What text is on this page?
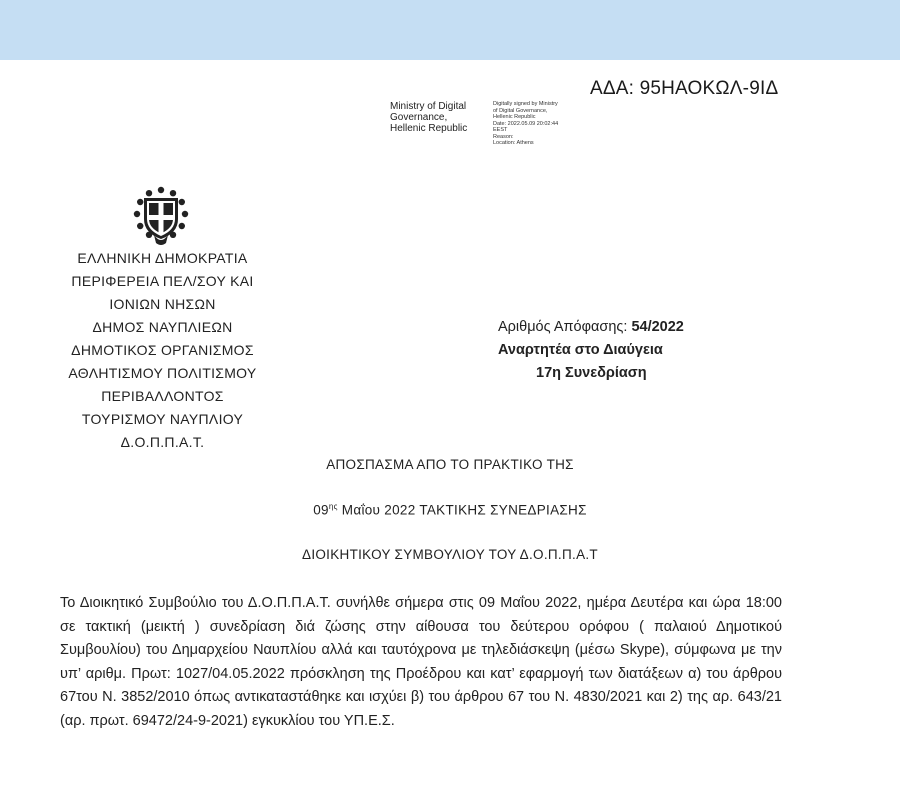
ΑΔΑ: 95ΗΑΟΚΩΛ-9ΙΔ
Ministry of Digital
Governance,
Hellenic Republic
Digitally signed by Ministry
of Digital Governance,
Hellenic Republic
Date: 2022.05.09 20:02:44
EEST
Reason:
Location: Athens
ΕΛΛΗΝΙΚΗ ΔΗΜΟΚΡΑΤΙΑ
ΠΕΡΙΦΕΡΕΙΑ ΠΕΛ/ΣΟΥ ΚΑΙ
ΙΟΝΙΩΝ ΝΗΣΩΝ
ΔΗΜΟΣ ΝΑΥΠΛΙΕΩΝ
ΔΗΜΟΤΙΚΟΣ ΟΡΓΑΝΙΣΜΟΣ
ΑΘΛΗΤΙΣΜΟΥ ΠΟΛΙΤΙΣΜΟΥ
ΠΕΡΙΒΑΛΛΟΝΤΟΣ
ΤΟΥΡΙΣΜΟΥ ΝΑΥΠΛΙΟΥ
Δ.Ο.Π.Π.Α.Τ.
Αριθμός Απόφασης: 54/2022
Αναρτητέα στο Διαύγεια
17η Συνεδρίαση
ΑΠΟΣΠΑΣΜΑ ΑΠΟ ΤΟ ΠΡΑΚΤΙΚΟ ΤΗΣ
$09^{\eta\varsigma}$ Μαΐου 2022 ΤΑΚΤΙΚΗΣ ΣΥΝΕΔΡΙΑΣΗΣ
ΔΙΟΙΚΗΤΙΚΟΥ ΣΥΜΒΟΥΛΙΟΥ ΤΟΥ Δ.Ο.Π.Π.Α.Τ
Το Διοικητικό Συμβούλιο του Δ.Ο.Π.Π.Α.Τ. συνήλθε σήμερα στις 09 Μαΐου 2022, ημέρα Δευτέρα και ώρα 18:00 σε τακτική (μεικτή ) συνεδρίαση διά ζώσης στην αίθουσα του δεύτερου ορόφου ( παλαιού Δημοτικού Συμβουλίου) του Δημαρχείου Ναυπλίου αλλά και ταυτόχρονα με τηλεδιάσκεψη (μέσω Skype), σύμφωνα με την υπ’ αριθμ. Πρωτ: 1027/04.05.2022 πρόσκληση της Προέδρου και κατ’ εφαρμογή των διατάξεων α) του άρθρου 67του Ν. 3852/2010 όπως αντικαταστάθηκε και ισχύει β) του άρθρου 67 του Ν. 4830/2021 και 2) της αρ. 643/21 (αρ. πρωτ. 69472/24-9-2021) εγκυκλίου του ΥΠ.Ε.Σ.
